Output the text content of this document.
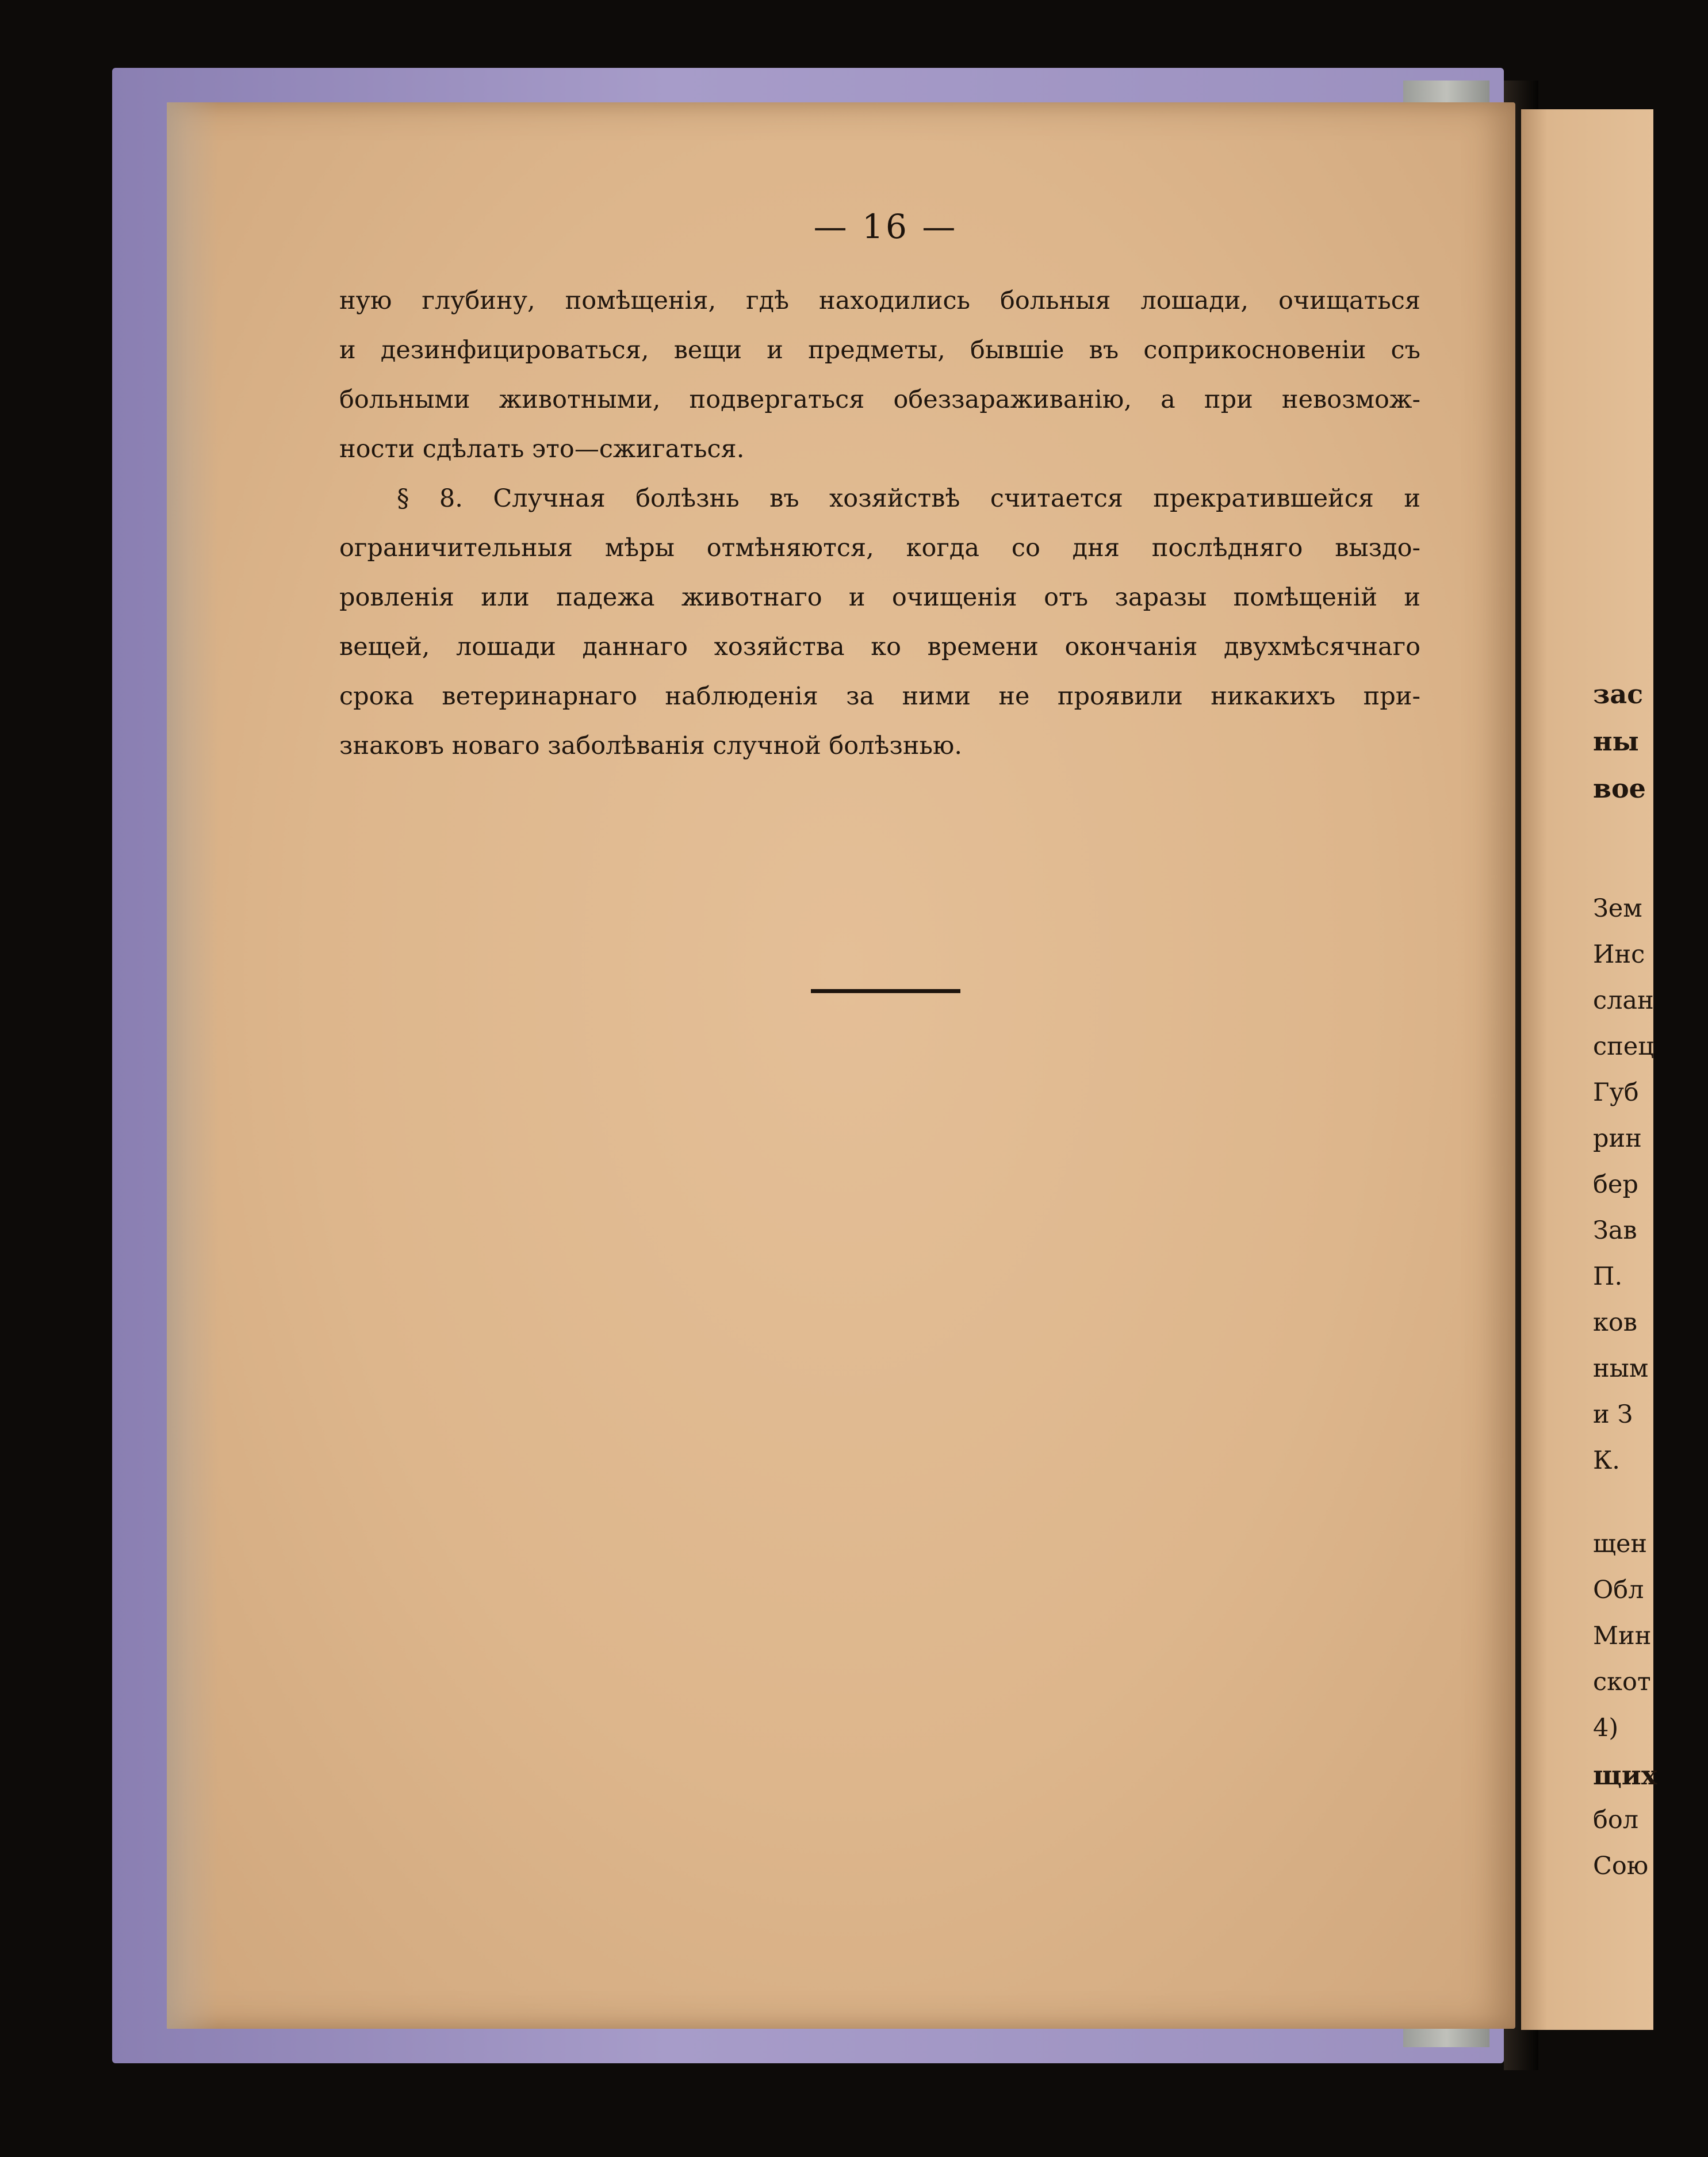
— 16 —
ную глубину, помѣщенія, гдѣ находились больныя лошади, очищаться
и дезинфицироваться, вещи и предметы, бывшіе въ соприкосновеніи съ
больными животными, подвергаться обеззараживанію, а при невозмож-
ности сдѣлать это—сжигаться.
§ 8. Случная болѣзнь въ хозяйствѣ считается прекратившейся и
ограничительныя мѣры отмѣняются, когда со дня послѣдняго выздо-
ровленія или падежа животнаго и очищенія отъ заразы помѣщеній и
вещей, лошади даннаго хозяйства ко времени окончанія двухмѣсячнаго
срока ветеринарнаго наблюденія за ними не проявили никакихъ при-
знаковъ новаго заболѣванія случной болѣзнью.
зас
ны
вое
Зем
Инс
слан
спец
Губ
рин
бер
Зав
П.
ков
ным
и З
К.
щен
Обл
Мин
скот
4)
щих
бол
Сою
